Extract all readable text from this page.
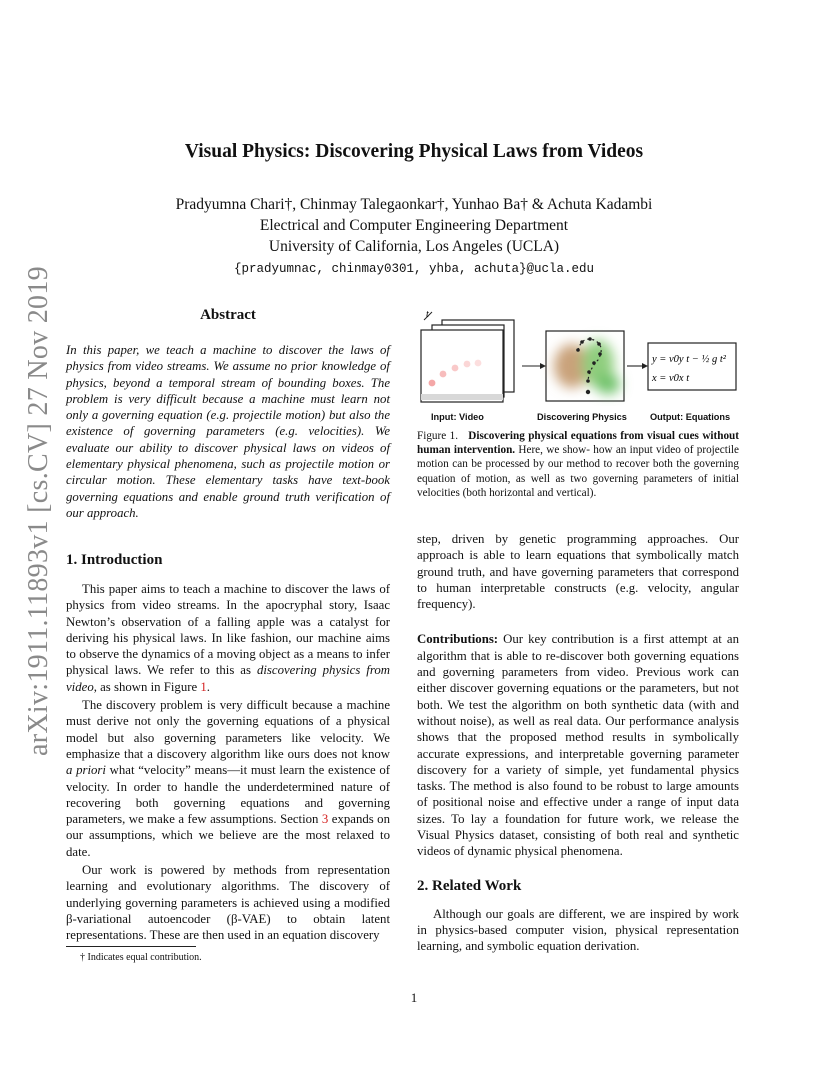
arXiv:1911.11893v1 [cs.CV] 27 Nov 2019
Visual Physics: Discovering Physical Laws from Videos
Pradyumna Chari†, Chinmay Talegaonkar†, Yunhao Ba† & Achuta Kadambi
Electrical and Computer Engineering Department
University of California, Los Angeles (UCLA)
{pradyumnac, chinmay0301, yhba, achuta}@ucla.edu
Abstract

In this paper, we teach a machine to discover the laws of physics from video streams. We assume no prior knowledge of physics, beyond a temporal stream of bounding boxes. The problem is very difficult because a machine must learn not only a governing equation (e.g. projectile motion) but also the existence of governing parameters (e.g. velocities). We evaluate our ability to discover physical laws on videos of elementary physical phenomena, such as projectile motion or circular motion. These elementary tasks have text-book governing equations and enable ground truth verification of our approach.

1. Introduction

This paper aims to teach a machine to discover the laws of physics from video streams. In the apocryphal story, Isaac Newton’s observation of a falling apple was a catalyst for deriving his physical laws. In like fashion, our machine aims to observe the dynamics of a moving object as a means to infer physical laws. We refer to this as discovering physics from video, as shown in Figure 1.

The discovery problem is very difficult because a machine must derive not only the governing equations of a physical model but also governing parameters like velocity. We emphasize that a discovery algorithm like ours does not know a priori what “velocity” means—it must learn the existence of velocity. In order to handle the underdetermined nature of recovering both governing equations and governing parameters, we make a few assumptions. Section 3 expands on our assumptions, which we believe are the most relaxed to date.

Our work is powered by methods from representation learning and evolutionary algorithms. The discovery of underlying governing parameters is achieved using a modified β-variational autoencoder (β-VAE) to obtain latent representations. These are then used in an equation discovery

t
y = v0y t − ½ g t²
x = v0x t
Input: Video	Discovering Physics	Output: Equations

Figure 1. Discovering physical equations from visual cues without human intervention. Here, we show- how an input video of projectile motion can be processed by our method to recover both the governing equation of motion, as well as two governing parameters of initial velocities (both horizontal and vertical).

step, driven by genetic programming approaches. Our approach is able to learn equations that symbolically match ground truth, and have governing parameters that correspond to human interpretable constructs (e.g. velocity, angular frequency).

Contributions: Our key contribution is a first attempt at an algorithm that is able to re-discover both governing equations and governing parameters from video. Previous work can either discover governing equations or the parameters, but not both. We test the algorithm on both synthetic data (with and without noise), as well as real data. Our performance analysis shows that the proposed method results in symbolically accurate expressions, and interpretable governing parameter discovery for a variety of simple, yet fundamental physics tasks. The method is also found to be robust to large amounts of positional noise and effective under a range of input data sizes. To lay a foundation for future work, we release the Visual Physics dataset, consisting of both real and synthetic videos of dynamic physical phenomena.

2. Related Work

Although our goals are different, we are inspired by work in physics-based computer vision, physical representation learning, and symbolic equation derivation.

† Indicates equal contribution.
1
